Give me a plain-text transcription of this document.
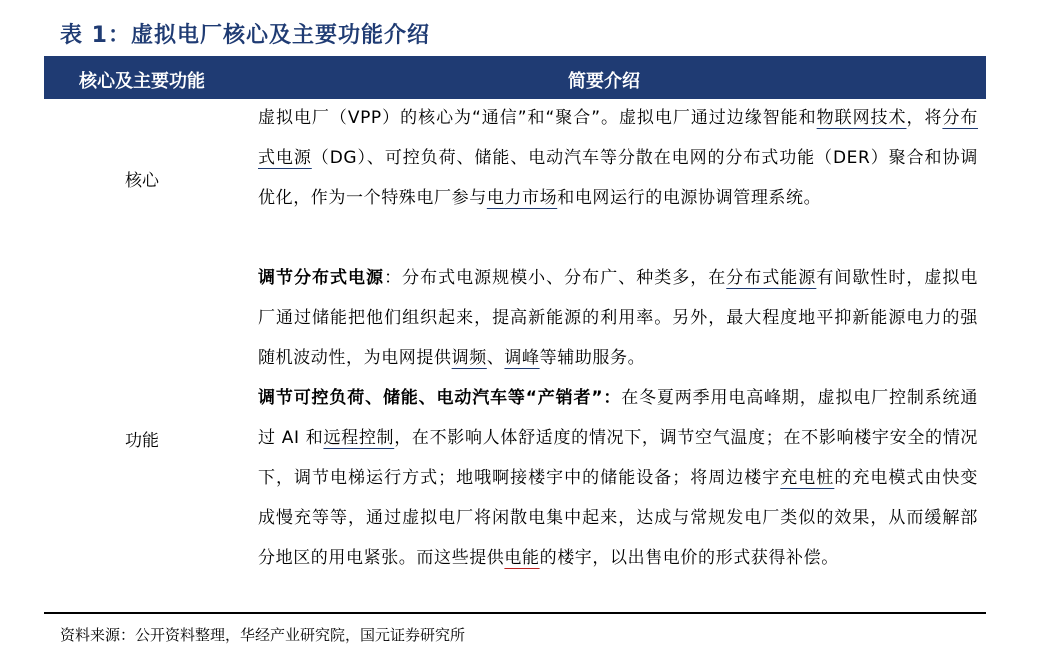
表 1：虚拟电厂核心及主要功能介绍
核心及主要功能	简要介绍
核心
虚拟电厂（VPP）的核心为“通信”和“聚合”。虚拟电厂通过边缘智能和物联网技术，将分布式电源（DG）、可控负荷、储能、电动汽车等分散在电网的分布式功能（DER）聚合和协调优化，作为一个特殊电厂参与电力市场和电网运行的电源协调管理系统。
功能
调节分布式电源：分布式电源规模小、分布广、种类多，在分布式能源有间歇性时，虚拟电厂通过储能把他们组织起来，提高新能源的利用率。另外，最大程度地平抑新能源电力的强随机波动性，为电网提供调频、调峰等辅助服务。
调节可控负荷、储能、电动汽车等“产销者”：在冬夏两季用电高峰期，虚拟电厂控制系统通过 AI 和远程控制，在不影响人体舒适度的情况下，调节空气温度；在不影响楼宇安全的情况下，调节电梯运行方式；地哦啊接楼宇中的储能设备；将周边楼宇充电桩的充电模式由快变成慢充等等，通过虚拟电厂将闲散电集中起来，达成与常规发电厂类似的效果，从而缓解部分地区的用电紧张。而这些提供电能的楼宇，以出售电价的形式获得补偿。
资料来源：公开资料整理，华经产业研究院，国元证券研究所
